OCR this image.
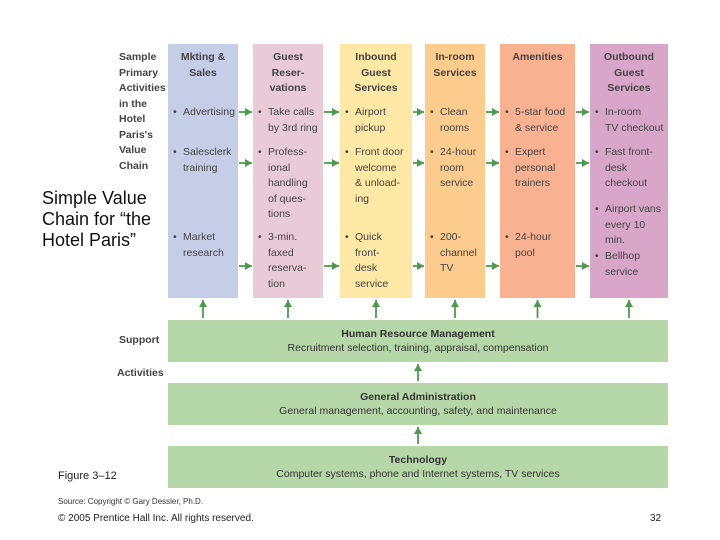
Simple Value Chain for “the Hotel Paris”
Sample
Primary
Activities
in the
Hotel
Paris's
Value
Chain
Mkting &
Sales
• Advertising
• Salesclerk
training
• Market
research
Guest
Reser-
vations
• Take calls
by 3rd ring
• Profess-
ional
handling
of ques-
tions
• 3-min.
faxed
reserva-
tion
Inbound
Guest
Services
• Airport
pickup
• Front door
welcome
& unload-
ing
• Quick
front-
desk
service
In-room
Services
• Clean
rooms
• 24-hour
room
service
• 200-
channel
TV
Amenities
• 5-star food
& service
• Expert
personal
trainers
• 24-hour
pool
Outbound
Guest
Services
• In-room
TV checkout
• Fast front-
desk
checkout
• Airport vans
every 10 min.
• Bellhop
service
Support
Activities
Human Resource Management
Recruitment selection, training, appraisal, compensation
General Administration
General management, accounting, safety, and maintenance
Technology
Computer systems, phone and Internet systems, TV services
Figure 3–12
Source: Copyright © Gary Dessler, Ph.D.
© 2005 Prentice Hall Inc. All rights reserved.	32
